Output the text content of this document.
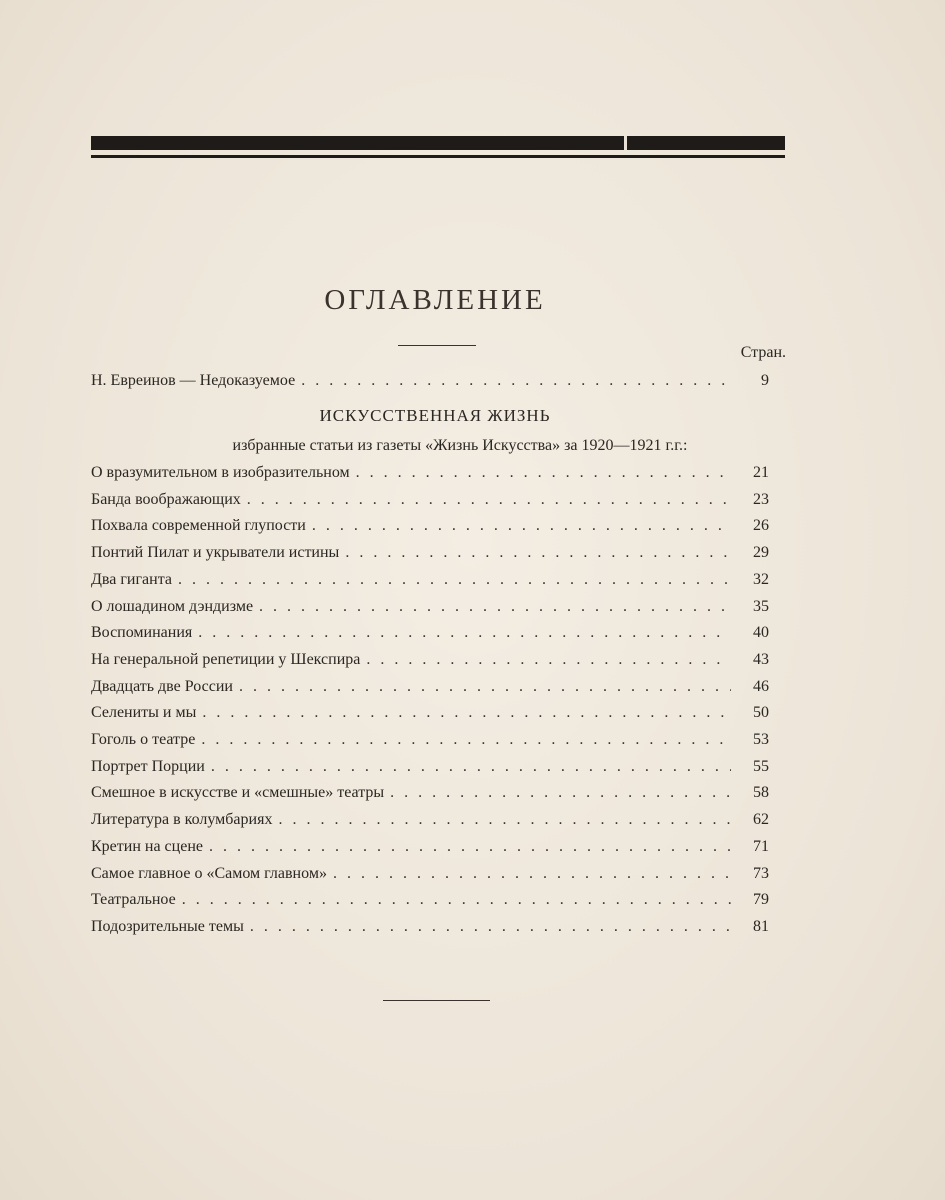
ОГЛАВЛЕНИЕ
Стран.
Н. Евреинов — Недоказуемое . . .	9
ИСКУССТВЕННАЯ ЖИЗНЬ
избранные статьи из газеты «Жизнь Искусства» за 1920—1921 г.г.:
О вразумительном в изобразительном . . .	21
Банда воображающих . . .	23
Похвала современной глупости . . .	26
Понтий Пилат и укрыватели истины . . .	29
Два гиганта . . .	32
О лошадином дэндизме . . .	35
Воспоминания . . .	40
На генеральной репетиции у Шекспира . . .	43
Двадцать две России . . .	46
Селениты и мы . . .	50
Гоголь о театре . . .	53
Портрет Порции . . .	55
Смешное в искусстве и «смешные» театры . . .	58
Литература в колумбариях . . .	62
Кретин на сцене . . .	71
Самое главное о «Самом главном» . . .	73
Театральное . . .	79
Подозрительные темы . . .	81
